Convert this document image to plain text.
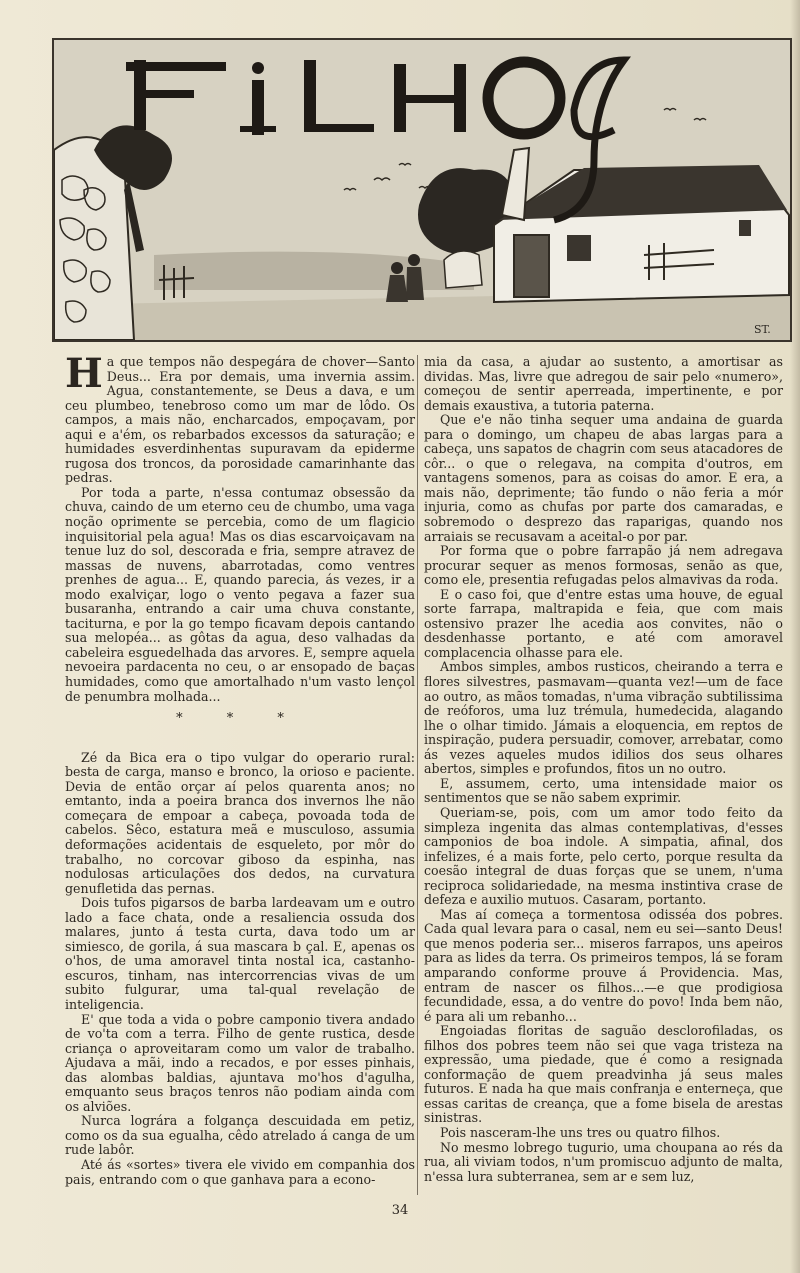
ST.

Ha que tempos não despegára de chover—Santo Deus... Era por demais, uma invernia assim. Agua, constantemente, se Deus a dava, e um ceu plumbeo, tenebroso como um mar de lôdo. Os campos, a mais não, encharcados, empoçavam, por aqui e a'ém, os rebarbados excessos da saturação; e humidades esverdinhentas supuravam da epiderme rugosa dos troncos, da porosidade camarinhante das pedras.

Por toda a parte, n'essa contumaz obsessão da chuva, caindo de um eterno ceu de chumbo, uma vaga noção oprimente se percebia, como de um flagicio inquisitorial pela agua! Mas os dias escarvoiçavam na tenue luz do sol, descorada e fria, sempre atravez de massas de nuvens, abarrotadas, como ventres prenhes de agua... E, quando parecia, ás vezes, ir a modo exalviçar, logo o vento pegava a fazer sua busaranha, entrando a cair uma chuva constante, taciturna, e por la go tempo ficavam depois cantando sua melopéa... as gôtas da agua, deso valhadas da cabeleira esguedelhada das arvores. E, sempre aquela nevoeira pardacenta no ceu, o ar ensopado de baças humidades, como que amortalhado n'um vasto lençol de penumbra molhada...

* * *

Zé da Bica era o tipo vulgar do operario rural: besta de carga, manso e bronco, la orioso e paciente. Devia de então orçar aí pelos quarenta anos; no emtanto, inda a poeira branca dos invernos lhe não começara de empoar a cabeça, povoada toda de cabelos. Sêco, estatura meã e musculoso, assumia deformações acidentais de esqueleto, por môr do trabalho, no corcovar giboso da espinha, nas nodulosas articulações dos dedos, na curvatura genufletida das pernas.

Dois tufos pigarsos de barba lardeavam um e outro lado a face chata, onde a resaliencia ossuda dos malares, junto á testa curta, dava todo um ar simiesco, de gorila, á sua mascara b çal. E, apenas os o'hos, de uma amoravel tinta nostal ica, castanho-escuros, tinham, nas intercorrencias vivas de um subito fulgurar, uma tal-qual revelação de inteligencia.

E' que toda a vida o pobre camponio tivera andado de vo'ta com a terra. Filho de gente rustica, desde criança o aproveitaram como um valor de trabalho. Ajudava a mãi, indo a recados, e por esses pinhais, das alombas baldias, ajuntava mo'hos d'agulha, emquanto seus braços tenros não podiam ainda com os alviões.

Nurca lográra a folgança descuidada em petiz, como os da sua egualha, cêdo atrelado á canga de um rude labôr.

Até ás «sortes» tivera ele vivido em companhia dos pais, entrando com o que ganhava para a econo-

mia da casa, a ajudar ao sustento, a amortisar as dividas. Mas, livre que adregou de sair pelo «numero», começou de sentir aperreada, impertinente, e por demais exaustiva, a tutoria paterna.

Que e'e não tinha sequer uma andaina de guarda para o domingo, um chapeu de abas largas para a cabeça, uns sapatos de chagrin com seus atacadores de côr... o que o relegava, na compita d'outros, em vantagens somenos, para as coisas do amor. E era, a mais não, deprimente; tão fundo o não feria a mór injuria, como as chufas por parte dos camaradas, e sobremodo o desprezo das raparigas, quando nos arraiais se recusavam a aceital-o por par.

Por forma que o pobre farrapão já nem adregava procurar sequer as menos formosas, senão as que, como ele, presentia refugadas pelos almavivas da roda.

E o caso foi, que d'entre estas uma houve, de egual sorte farrapa, maltrapida e feia, que com mais ostensivo prazer lhe acedia aos convites, não o desdenhasse portanto, e até com amoravel complacencia olhasse para ele.

Ambos simples, ambos rusticos, cheirando a terra e flores silvestres, pasmavam—quanta vez!—um de face ao outro, as mãos tomadas, n'uma vibração subtilissima de reóforos, uma luz trémula, humedecida, alagando lhe o olhar timido. Jámais a eloquencia, em reptos de inspiração, pudera persuadir, comover, arrebatar, como ás vezes aqueles mudos idilios dos seus olhares abertos, simples e profundos, fitos un no outro.

E, assumem, certo, uma intensidade maior os sentimentos que se não sabem exprimir.

Queriam-se, pois, com um amor todo feito da simpleza ingenita das almas contemplativas, d'esses camponios de boa indole. A simpatia, afinal, dos infelizes, é a mais forte, pelo certo, porque resulta da coesão integral de duas forças que se unem, n'uma reciproca solidariedade, na mesma instintiva crase de defeza e auxilio mutuos. Casaram, portanto.

Mas aí começa a tormentosa odisséa dos pobres. Cada qual levara para o casal, nem eu sei—santo Deus! que menos poderia ser... miseros farrapos, uns apeiros para as lides da terra. Os primeiros tempos, lá se foram amparando conforme prouve á Providencia. Mas, entram de nascer os filhos...—e que prodigiosa fecundidade, essa, a do ventre do povo! Inda bem não, é para ali um rebanho...

Engoiadas floritas de saguão desclorofiladas, os filhos dos pobres teem não sei que vaga tristeza na expressão, uma piedade, que é como a resignada conformação de quem preadvinha já seus males futuros. E nada ha que mais confranja e enterneça, que essas caritas de creança, que a fome bisela de arestas sinistras.

Pois nasceram-lhe uns tres ou quatro filhos.

No mesmo lobrego tugurio, uma choupana ao rés da rua, ali viviam todos, n'um promiscuo adjunto de malta, n'essa lura subterranea, sem ar e sem luz,

34
